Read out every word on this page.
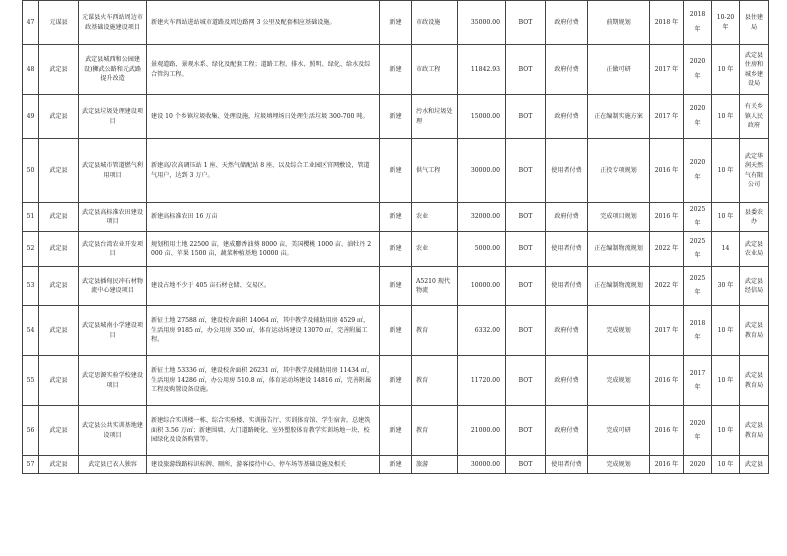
47	元谋县	元谋县火车西站周边市政基础设施建设项目	新建火车西站进站城市道路及周边路网 3 公里及配套相应基础设施。	新建	市政设施	35000.00	BOT	政府付费	前期规划	2018 年	2018 年	10-20 年	县住建局
48	武定县	武定县城西和公园建设)狮武公路和元武路提升改造	景观道路、景观水系、绿化及配套工程；道路工程、排水、照明、绿化、给水及综合管沟工程。	新建	市政工程	11842.93	BOT	政府付费	正做可研	2017 年	2020 年	10 年	武定县住房和城乡建设局
49	武定县	武定县垃圾处理建设项目	建设 10 个乡镇垃圾收集、处理设施，垃圾填埋场日处理生活垃圾 300-700 吨。	新建	污水和垃圾处理	15000.00	BOT	政府付费	正在编制实施方案	2017 年	2020 年	10 年	有关乡镇人民政府
50	武定县	武定县城市管道燃气利用项目	新建高/次高调压站 1 座、天然气储配站 8 座，以及综合工业园区官网敷设，管道气用户，达到 3 万户。	新建	供气工程	30000.00	BOT	使用者付费	正投专项规划	2016 年	2020 年	10 年	武定华润天然气有限公司
51	武定县	武定县高标准农田建设项目	新建高标准农田 16 万亩	新建	农业	32000.00	BOT	政府付费	完成项目规划	2016 年	2025 年	10 年	县委农办
52	武定县	武定县台湾农业开发项目	规划租用土地 22500 亩，建成麝香油葵 8000 亩、美国樱桃 1000 亩、油牡丹 2000 亩、苹果 1500 亩，蔬菜种植基地 10000 亩。	新建	农业	5000.00	BOT	使用者付费	正在编制物流规划	2022 年	2025 年	14	武定县农业局
53	武定县	武定县插甸民冲石材物流中心建设项目	建设占地不少于 405 亩石材仓储、交易区。	新建	A5210 现代物流	10000.00	BOT	使用者付费	正在编制物流规划	2022 年	2025 年	30 年	武定县经信局
54	武定县	武定县城南小学建设项目	新征土地 27588 ㎡，建设校舍面积 14064 ㎡，其中教学及辅助用房 4529 ㎡，生活用房 9185 ㎡，办公用房 350 ㎡，体育运动场建设 13070 ㎡，完善附属工程。	新建	教育	6332.00	BOT	政府付费	完成规划	2017 年	2018 年	10 年	武定县教育局
55	武定县	武定思源实验学校建设项目	新征土地 53336 ㎡，建设校舍面积 26231 ㎡，其中教学及辅助用房 11434 ㎡，生活用房 14286 ㎡，办公用房 510.8 ㎡，体育运动场建设 14816 ㎡，完善附属工程及购置设备设施。	新建	教育	11720.00	BOT	政府付费	完成规划	2016 年	2017 年	10 年	武定县教育局
56	武定县	武定县公共实训基地建设项目	新建综合实训楼一栋、综合实验楼、实训报告厅、实训体育馆、学生宿舍，总建筑面积 3.56 万㎡；新建围墙、大门道路硬化、室外塑胶体育教学实训场地一块、校园绿化及设备购置等。	新建	教育	21000.00	BOT	政府付费	完成可研	2016 年	2020 年	10 年	武定县教育局
57	武定县	武定县已衣人独容	建设旅游线路标识标牌、厕所、游客接待中心、停车场等基础设施及相关	新建	旅游	30000.00	BOT	使用者付费	完成规划	2016 年	2020	10 年	武定县
